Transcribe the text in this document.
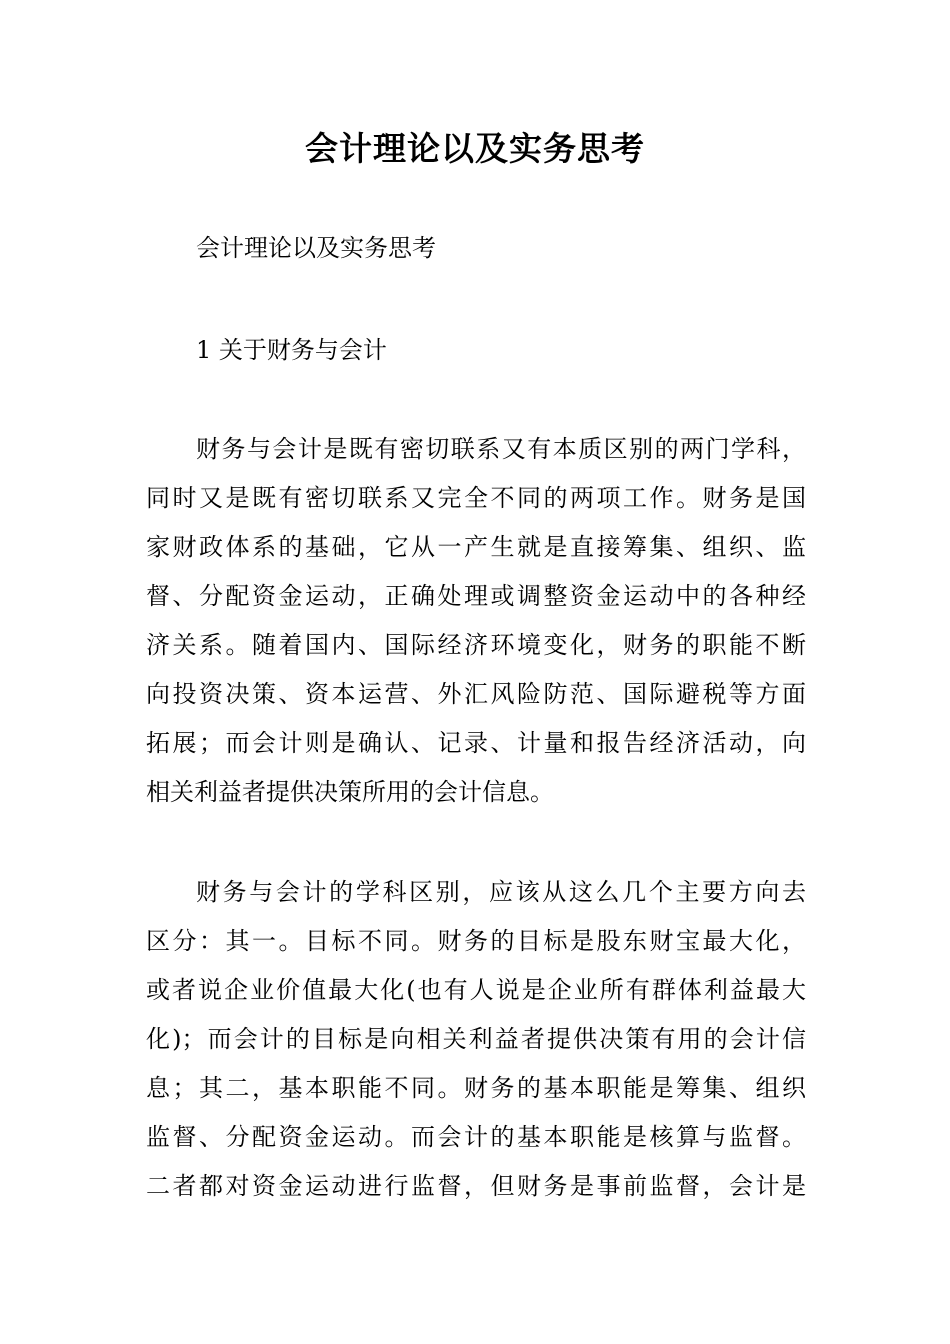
会计理论以及实务思考
会计理论以及实务思考
1 关于财务与会计
财务与会计是既有密切联系又有本质区别的两门学科，
同时又是既有密切联系又完全不同的两项工作。财务是国
家财政体系的基础，它从一产生就是直接筹集、组织、监
督、分配资金运动，正确处理或调整资金运动中的各种经
济关系。随着国内、国际经济环境变化，财务的职能不断
向投资决策、资本运营、外汇风险防范、国际避税等方面
拓展；而会计则是确认、记录、计量和报告经济活动，向
相关利益者提供决策所用的会计信息。
财务与会计的学科区别，应该从这么几个主要方向去
区分：其一。目标不同。财务的目标是股东财宝最大化，
或者说企业价值最大化(也有人说是企业所有群体利益最大
化)；而会计的目标是向相关利益者提供决策有用的会计信
息；其二，基本职能不同。财务的基本职能是筹集、组织
监督、分配资金运动。而会计的基本职能是核算与监督。
二者都对资金运动进行监督，但财务是事前监督，会计是
